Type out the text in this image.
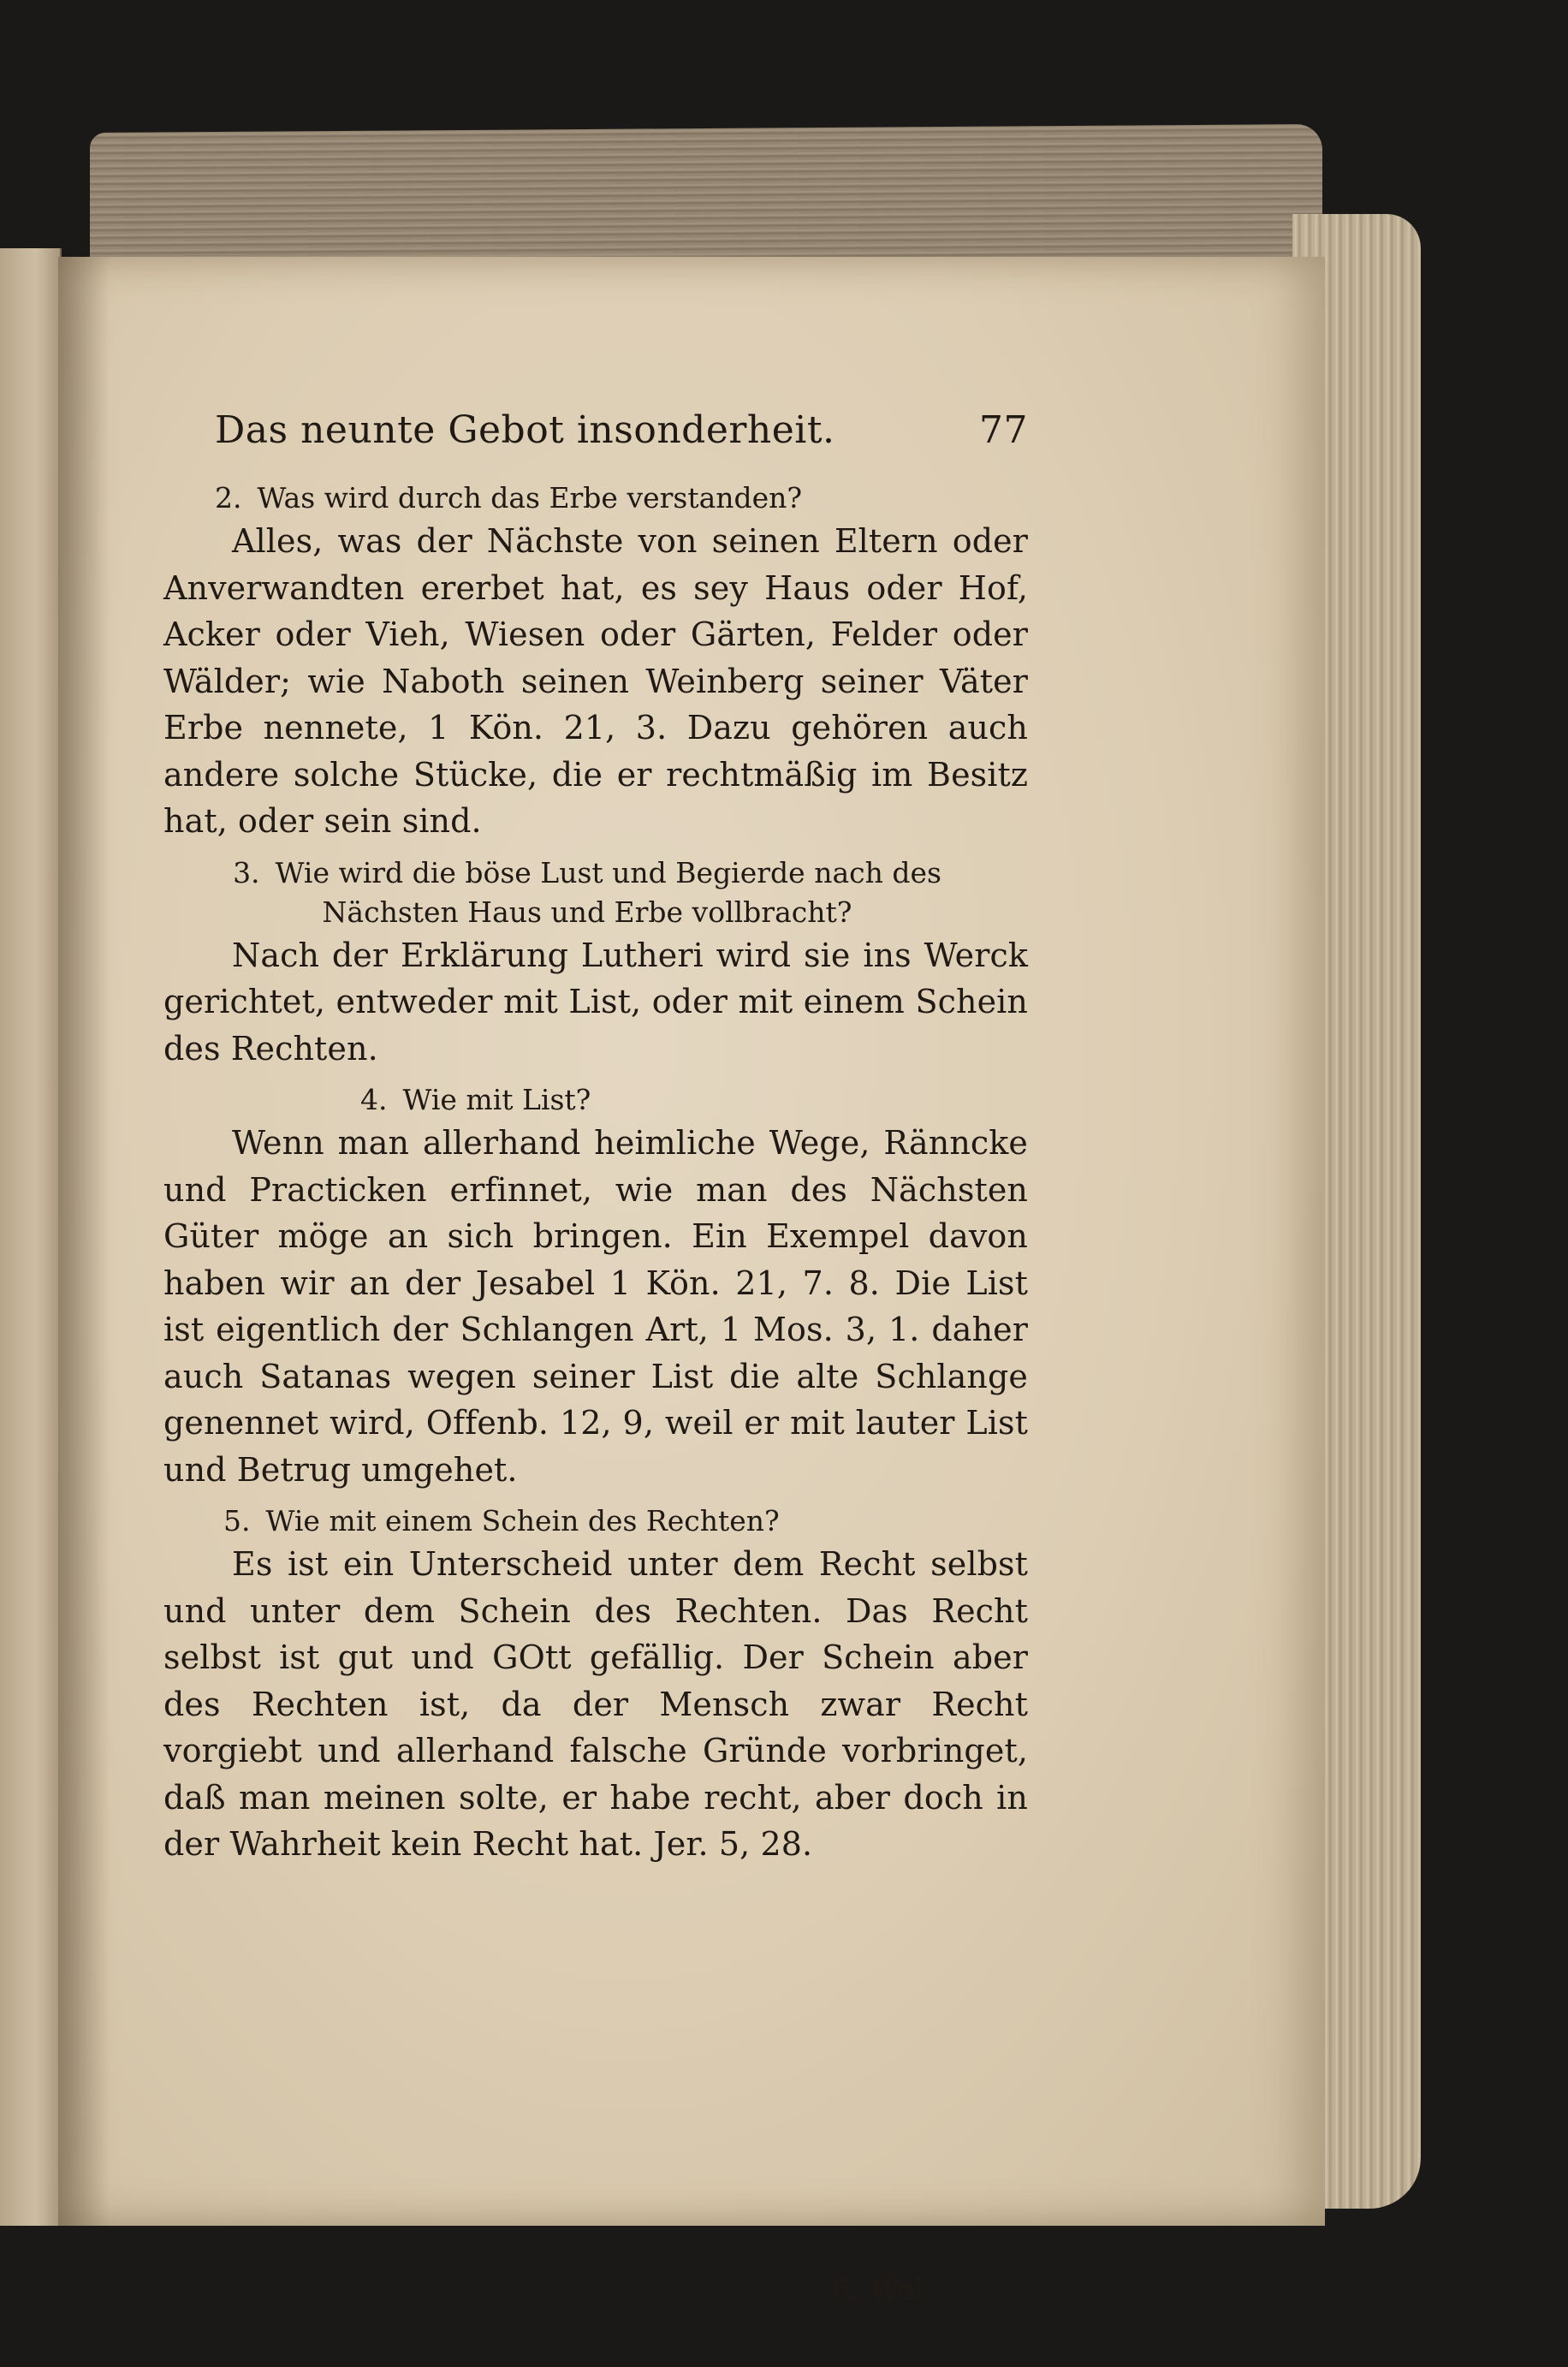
Das neunte Gebot insonderheit.	77

2. Was wird durch das Erbe verstanden?

Alles, was der Nächste von seinen Eltern oder Anverwandten ererbet hat, es sey Haus oder Hof, Acker oder Vieh, Wiesen oder Gärten, Felder oder Wälder; wie Naboth seinen Weinberg seiner Väter Erbe nennete, 1 Kön. 21, 3. Dazu gehören auch andere solche Stücke, die er rechtmäßig im Besitz hat, oder sein sind.

3. Wie wird die böse Lust und Begierde nach des Nächsten Haus und Erbe vollbracht?

Nach der Erklärung Lutheri wird sie ins Werck gerichtet, entweder mit List, oder mit einem Schein des Rechten.

4. Wie mit List?

Wenn man allerhand heimliche Wege, Ränncke und Practicken erfinnet, wie man des Nächsten Güter möge an sich bringen. Ein Exempel davon haben wir an der Jesabel 1 Kön. 21, 7. 8. Die List ist eigentlich der Schlangen Art, 1 Mos. 3, 1. daher auch Satanas wegen seiner List die alte Schlange genennet wird, Offenb. 12, 9, weil er mit lauter List und Betrug umgehet.

5. Wie mit einem Schein des Rechten?

Es ist ein Unterscheid unter dem Recht selbst und unter dem Schein des Rechten. Das Recht selbst ist gut und GOtt gefällig. Der Schein aber des Rechten ist, da der Mensch zwar Recht vorgiebt und allerhand falsche Gründe vorbringet, daß man meinen solte, er habe recht, aber doch in der Wahrheit kein Recht hat. Jer. 5, 28.

6. Wel-
